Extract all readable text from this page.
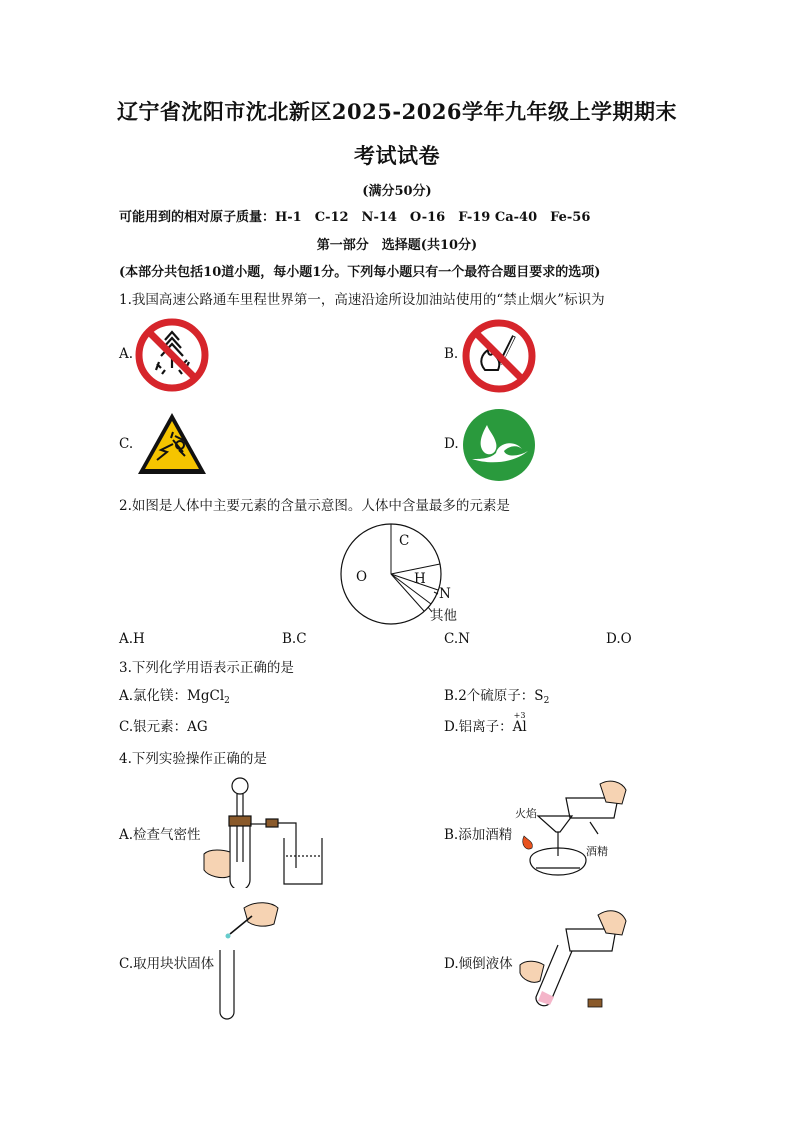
辽宁省沈阳市沈北新区2025-2026学年九年级上学期期末
考试试卷
(满分50分)
可能用到的相对原子质量：H-1　C-12　N-14　O-16　F-19 Ca-40　Fe-56
第一部分　选择题(共10分)
(本部分共包括10道小题，每小题1分。下列每小题只有一个最符合题目要求的选项)
1.我国高速公路通车里程世界第一，高速沿途所设加油站使用的“禁止烟火”标识为
A.	B.
C.	D.
2.如图是人体中主要元素的含量示意图。人体中含量最多的元素是
C
O	H
N
其他
A.H	B.C	C.N	D.O
3.下列化学用语表示正确的是
A.氯化镁：MgCl$_2$	B.2个硫原子：$S_2$
C.银元素：AG	D.铝离子：
+3
Al
4.下列实验操作正确的是
A.检查气密性	B.添加酒精
火焰
酒精
C.取用块状固体	D.倾倒液体
